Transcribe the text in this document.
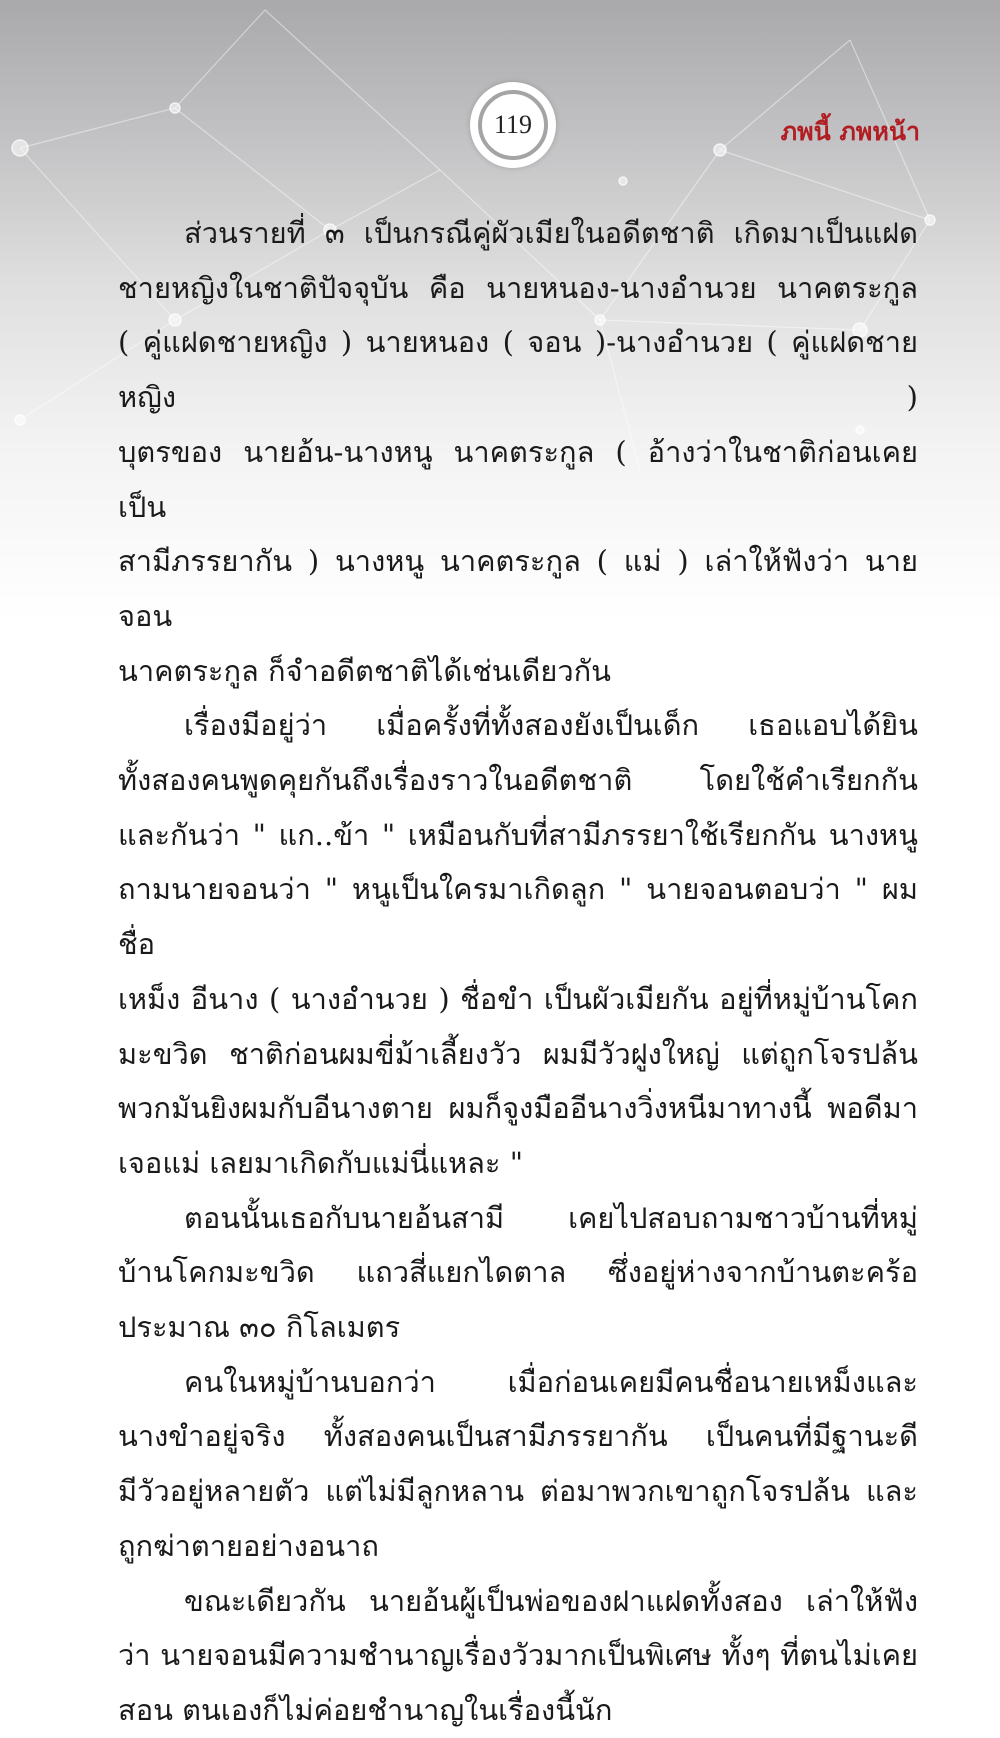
119	ภพนี้ ภพหน้า

ส่วนรายที่ ๓ เป็นกรณีคู่ผัวเมียในอดีตชาติ เกิดมาเป็นแฝด

ชายหญิงในชาติปัจจุบัน คือ นายหนอง-นางอำนวย นาคตระกูล

( คู่แฝดชายหญิง ) นายหนอง ( จอน )-นางอำนวย ( คู่แฝดชายหญิง )

บุตรของ นายอ้น-นางหนู นาคตระกูล ( อ้างว่าในชาติก่อนเคยเป็น

สามีภรรยากัน ) นางหนู นาคตระกูล ( แม่ ) เล่าให้ฟังว่า นายจอน

นาคตระกูล ก็จำอดีตชาติได้เช่นเดียวกัน

เรื่องมีอยู่ว่า เมื่อครั้งที่ทั้งสองยังเป็นเด็ก เธอแอบได้ยิน

ทั้งสองคนพูดคุยกันถึงเรื่องราวในอดีตชาติ โดยใช้คำเรียกกัน

และกันว่า " แก..ข้า " เหมือนกับที่สามีภรรยาใช้เรียกกัน นางหนู

ถามนายจอนว่า " หนูเป็นใครมาเกิดลูก " นายจอนตอบว่า " ผมชื่อ

เหม็ง อีนาง ( นางอำนวย ) ชื่อขำ เป็นผัวเมียกัน อยู่ที่หมู่บ้านโคก

มะขวิด ชาติก่อนผมขี่ม้าเลี้ยงวัว ผมมีวัวฝูงใหญ่ แต่ถูกโจรปล้น

พวกมันยิงผมกับอีนางตาย ผมก็จูงมืออีนางวิ่งหนีมาทางนี้ พอดีมา

เจอแม่ เลยมาเกิดกับแม่นี่แหละ "

ตอนนั้นเธอกับนายอ้นสามี เคยไปสอบถามชาวบ้านที่หมู่

บ้านโคกมะขวิด แถวสี่แยกไดตาล ซึ่งอยู่ห่างจากบ้านตะคร้อ

ประมาณ ๓๐ กิโลเมตร

คนในหมู่บ้านบอกว่า เมื่อก่อนเคยมีคนชื่อนายเหม็งและ

นางขำอยู่จริง ทั้งสองคนเป็นสามีภรรยากัน เป็นคนที่มีฐานะดี

มีวัวอยู่หลายตัว แต่ไม่มีลูกหลาน ต่อมาพวกเขาถูกโจรปล้น และ

ถูกฆ่าตายอย่างอนาถ

ขณะเดียวกัน นายอ้นผู้เป็นพ่อของฝาแฝดทั้งสอง เล่าให้ฟัง

ว่า นายจอนมีความชำนาญเรื่องวัวมากเป็นพิเศษ ทั้งๆ ที่ตนไม่เคย

สอน ตนเองก็ไม่ค่อยชำนาญในเรื่องนี้นัก
